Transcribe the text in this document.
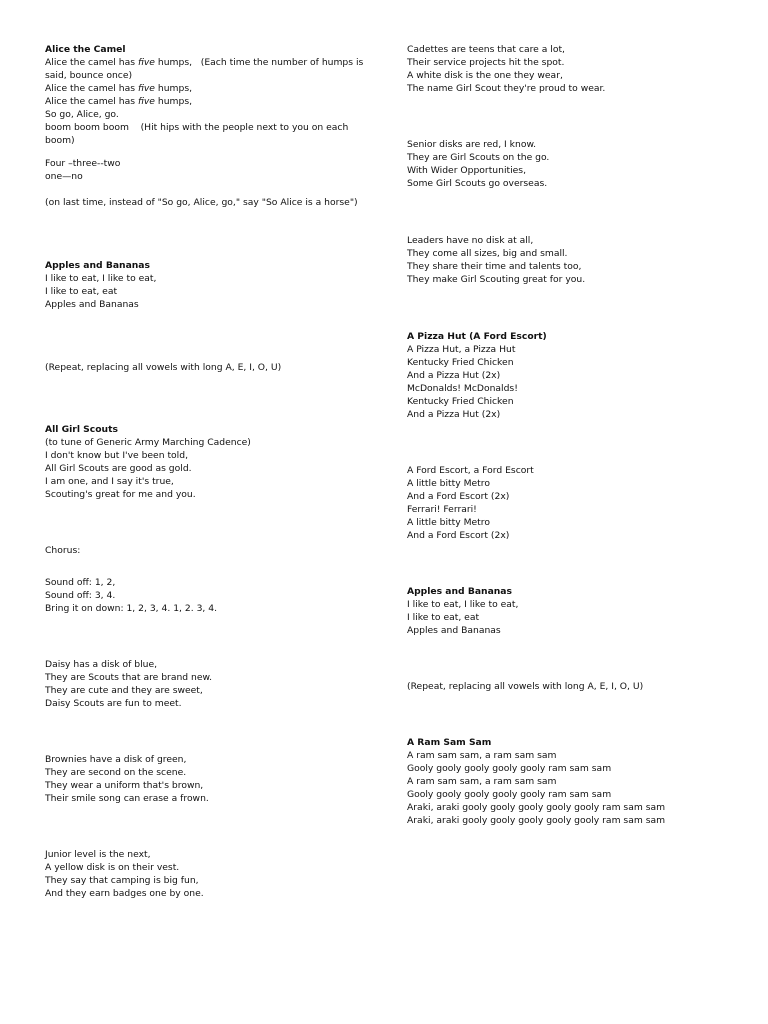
Alice the Camel
Alice the camel has five humps,   (Each time the number of humps is said, bounce once)
Alice the camel has five humps,
Alice the camel has five humps,
So go, Alice, go.
boom boom boom    (Hit hips with the people next to you on each boom)
Four –three--two
one—no
(on last time, instead of "So go, Alice, go," say "So Alice is a horse")
Apples and Bananas
I like to eat, I like to eat,
I like to eat, eat
Apples and Bananas
(Repeat, replacing all vowels with long A, E, I, O, U)
All Girl Scouts
(to tune of Generic Army Marching Cadence)
I don't know but I've been told,
All Girl Scouts are good as gold.
I am one, and I say it's true,
Scouting's great for me and you.
Chorus:
Sound off: 1, 2,
Sound off: 3, 4.
Bring it on down: 1, 2, 3, 4. 1, 2. 3, 4.
Daisy has a disk of blue,
They are Scouts that are brand new.
They are cute and they are sweet,
Daisy Scouts are fun to meet.
Brownies have a disk of green,
They are second on the scene.
They wear a uniform that's brown,
Their smile song can erase a frown.
Junior level is the next,
A yellow disk is on their vest.
They say that camping is big fun,
And they earn badges one by one.
Cadettes are teens that care a lot,
Their service projects hit the spot.
A white disk is the one they wear,
The name Girl Scout they're proud to wear.
Senior disks are red, I know.
They are Girl Scouts on the go.
With Wider Opportunities,
Some Girl Scouts go overseas.
Leaders have no disk at all,
They come all sizes, big and small.
They share their time and talents too,
They make Girl Scouting great for you.
A Pizza Hut (A Ford Escort)
A Pizza Hut, a Pizza Hut
Kentucky Fried Chicken
And a Pizza Hut (2x)
McDonalds! McDonalds!
Kentucky Fried Chicken
And a Pizza Hut (2x)
A Ford Escort, a Ford Escort
A little bitty Metro
And a Ford Escort (2x)
Ferrari! Ferrari!
A little bitty Metro
And a Ford Escort (2x)
Apples and Bananas
I like to eat, I like to eat,
I like to eat, eat
Apples and Bananas
(Repeat, replacing all vowels with long A, E, I, O, U)
A Ram Sam Sam
A ram sam sam, a ram sam sam
Gooly gooly gooly gooly gooly ram sam sam
A ram sam sam, a ram sam sam
Gooly gooly gooly gooly gooly ram sam sam
Araki, araki gooly gooly gooly gooly gooly ram sam sam
Araki, araki gooly gooly gooly gooly gooly ram sam sam
